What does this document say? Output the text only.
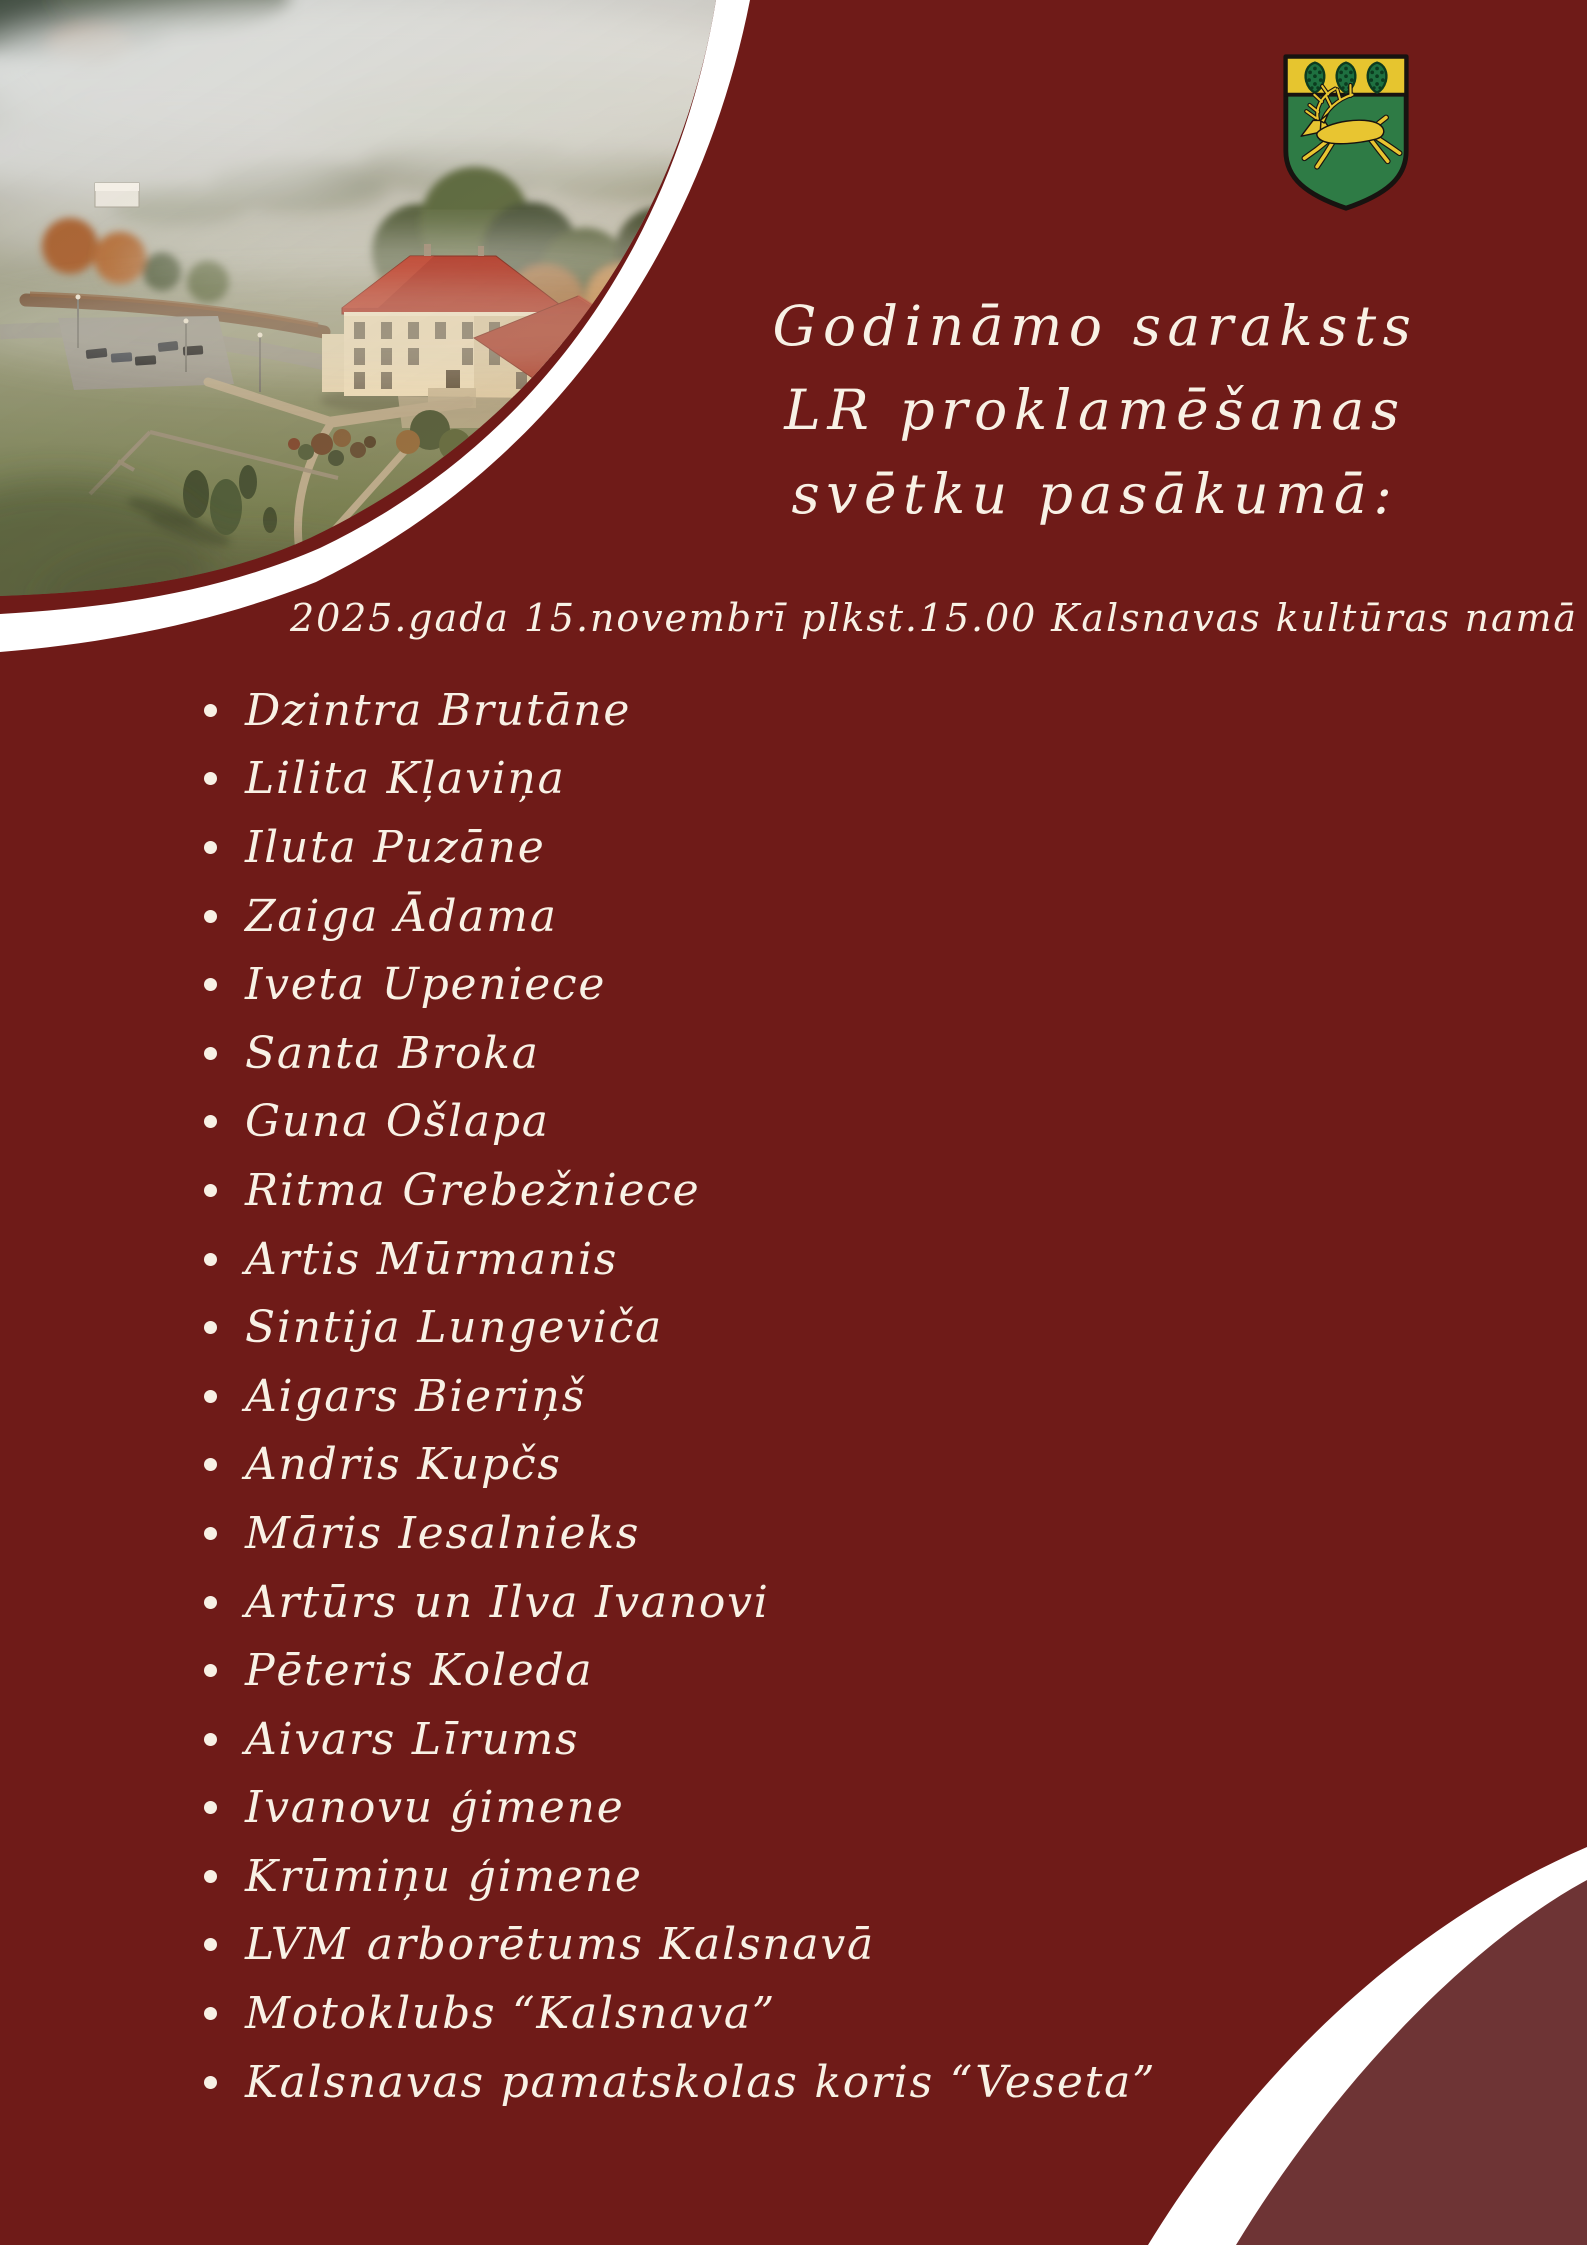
Godināmo saraksts
LR proklamēšanas
svētku pasākumā:

2025.gada 15.novembrī plkst.15.00 Kalsnavas kultūras namā

Dzintra Brutāne
Lilita Kļaviņa
Iluta Puzāne
Zaiga Ādama
Iveta Upeniece
Santa Broka
Guna Ošlapa
Ritma Grebežniece
Artis Mūrmanis
Sintija Lungeviča
Aigars Bieriņš
Andris Kupčs
Māris Iesalnieks
Artūrs un Ilva Ivanovi
Pēteris Koleda
Aivars Līrums
Ivanovu ģimene
Krūmiņu ģimene
LVM arborētums Kalsnavā
Motoklubs “Kalsnava”
Kalsnavas pamatskolas koris “Veseta”
